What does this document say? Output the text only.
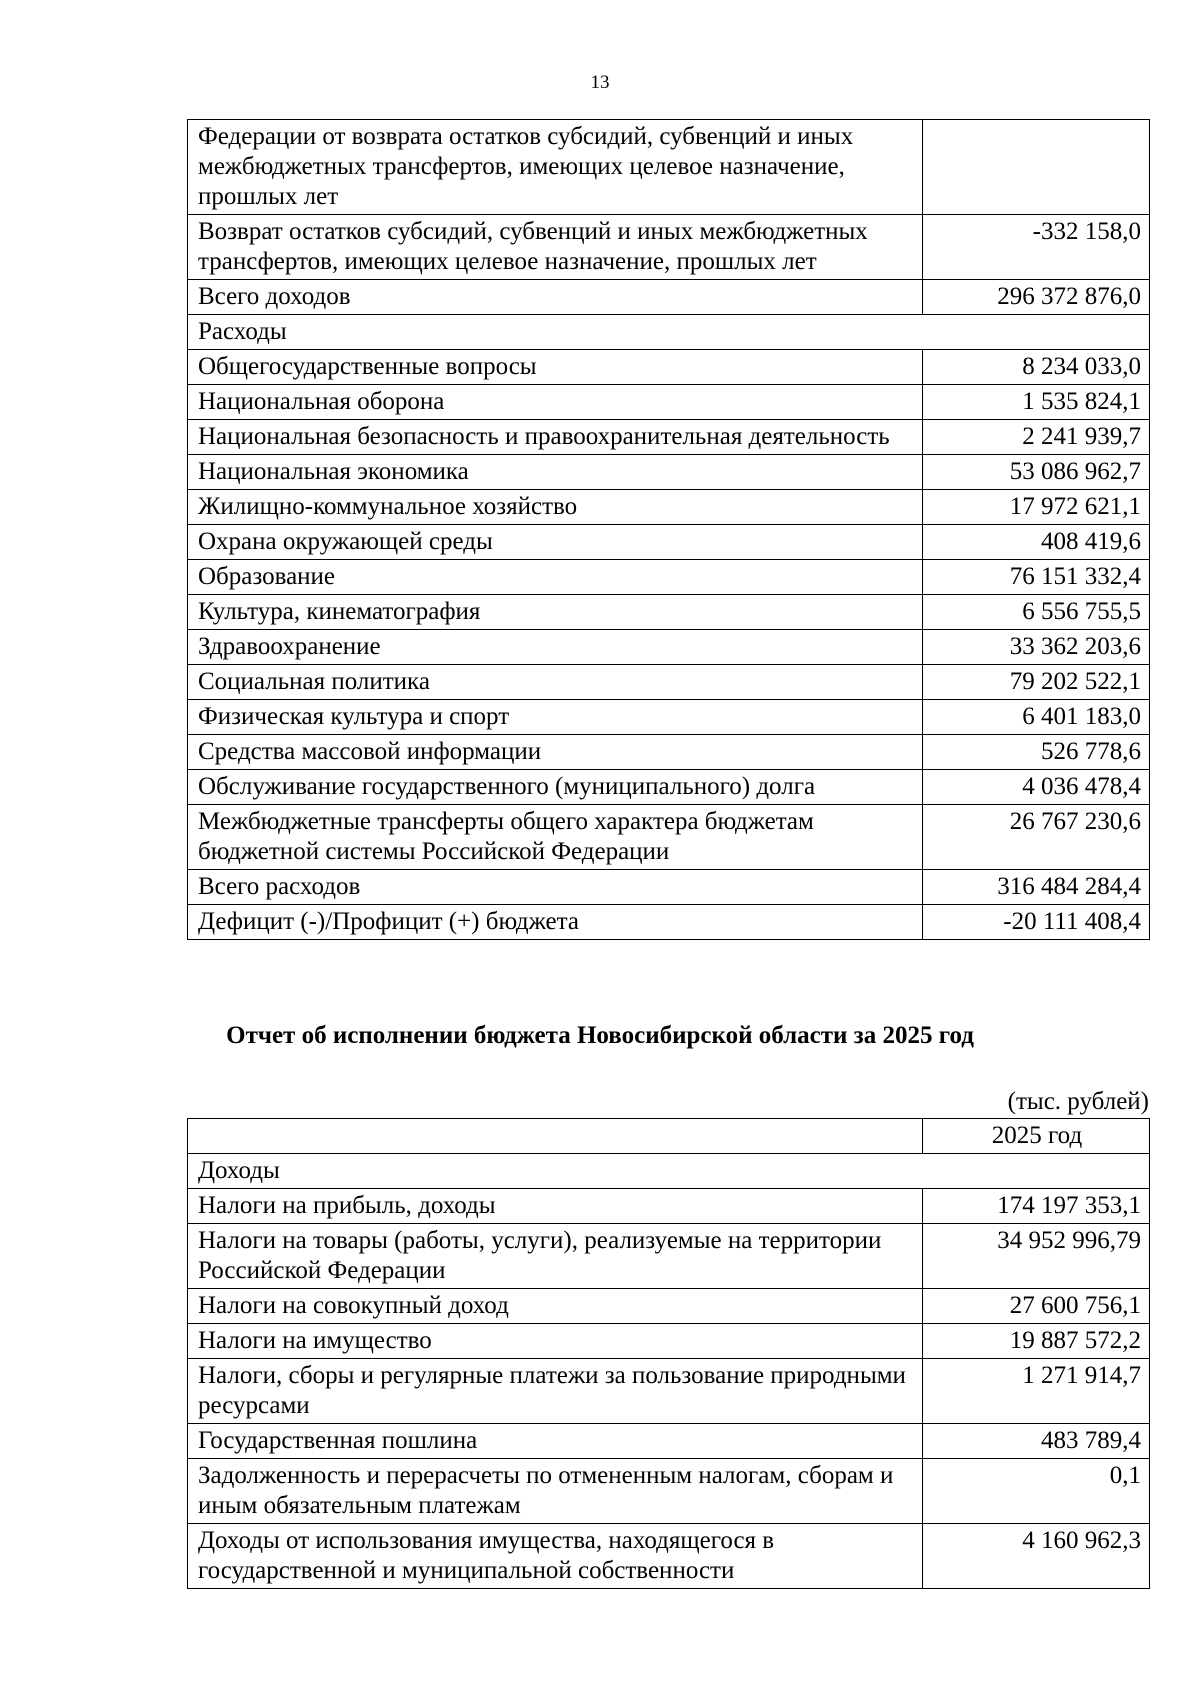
13
Федерации от возврата остатков субсидий, субвенций и иных межбюджетных трансфертов, имеющих целевое назначение, прошлых лет	
Возврат остатков субсидий, субвенций и иных межбюджетных трансфертов, имеющих целевое назначение, прошлых лет	-332 158,0
Всего доходов	296 372 876,0
Расходы	
Общегосударственные вопросы	8 234 033,0
Национальная оборона	1 535 824,1
Национальная безопасность и правоохранительная деятельность	2 241 939,7
Национальная экономика	53 086 962,7
Жилищно-коммунальное хозяйство	17 972 621,1
Охрана окружающей среды	408 419,6
Образование	76 151 332,4
Культура, кинематография	6 556 755,5
Здравоохранение	33 362 203,6
Социальная политика	79 202 522,1
Физическая культура и спорт	6 401 183,0
Средства массовой информации	526 778,6
Обслуживание государственного (муниципального) долга	4 036 478,4
Межбюджетные трансферты общего характера бюджетам бюджетной системы Российской Федерации	26 767 230,6
Всего расходов	316 484 284,4
Дефицит (-)/Профицит (+) бюджета	-20 111 408,4
Отчет об исполнении бюджета Новосибирской области за 2025 год
(тыс. рублей)
	2025 год
Доходы	
Налоги на прибыль, доходы	174 197 353,1
Налоги на товары (работы, услуги), реализуемые на территории Российской Федерации	34 952 996,79
Налоги на совокупный доход	27 600 756,1
Налоги на имущество	19 887 572,2
Налоги, сборы и регулярные платежи за пользование природными ресурсами	1 271 914,7
Государственная пошлина	483 789,4
Задолженность и перерасчеты по отмененным налогам, сборам и иным обязательным платежам	0,1
Доходы от использования имущества, находящегося в государственной и муниципальной собственности	4 160 962,3
